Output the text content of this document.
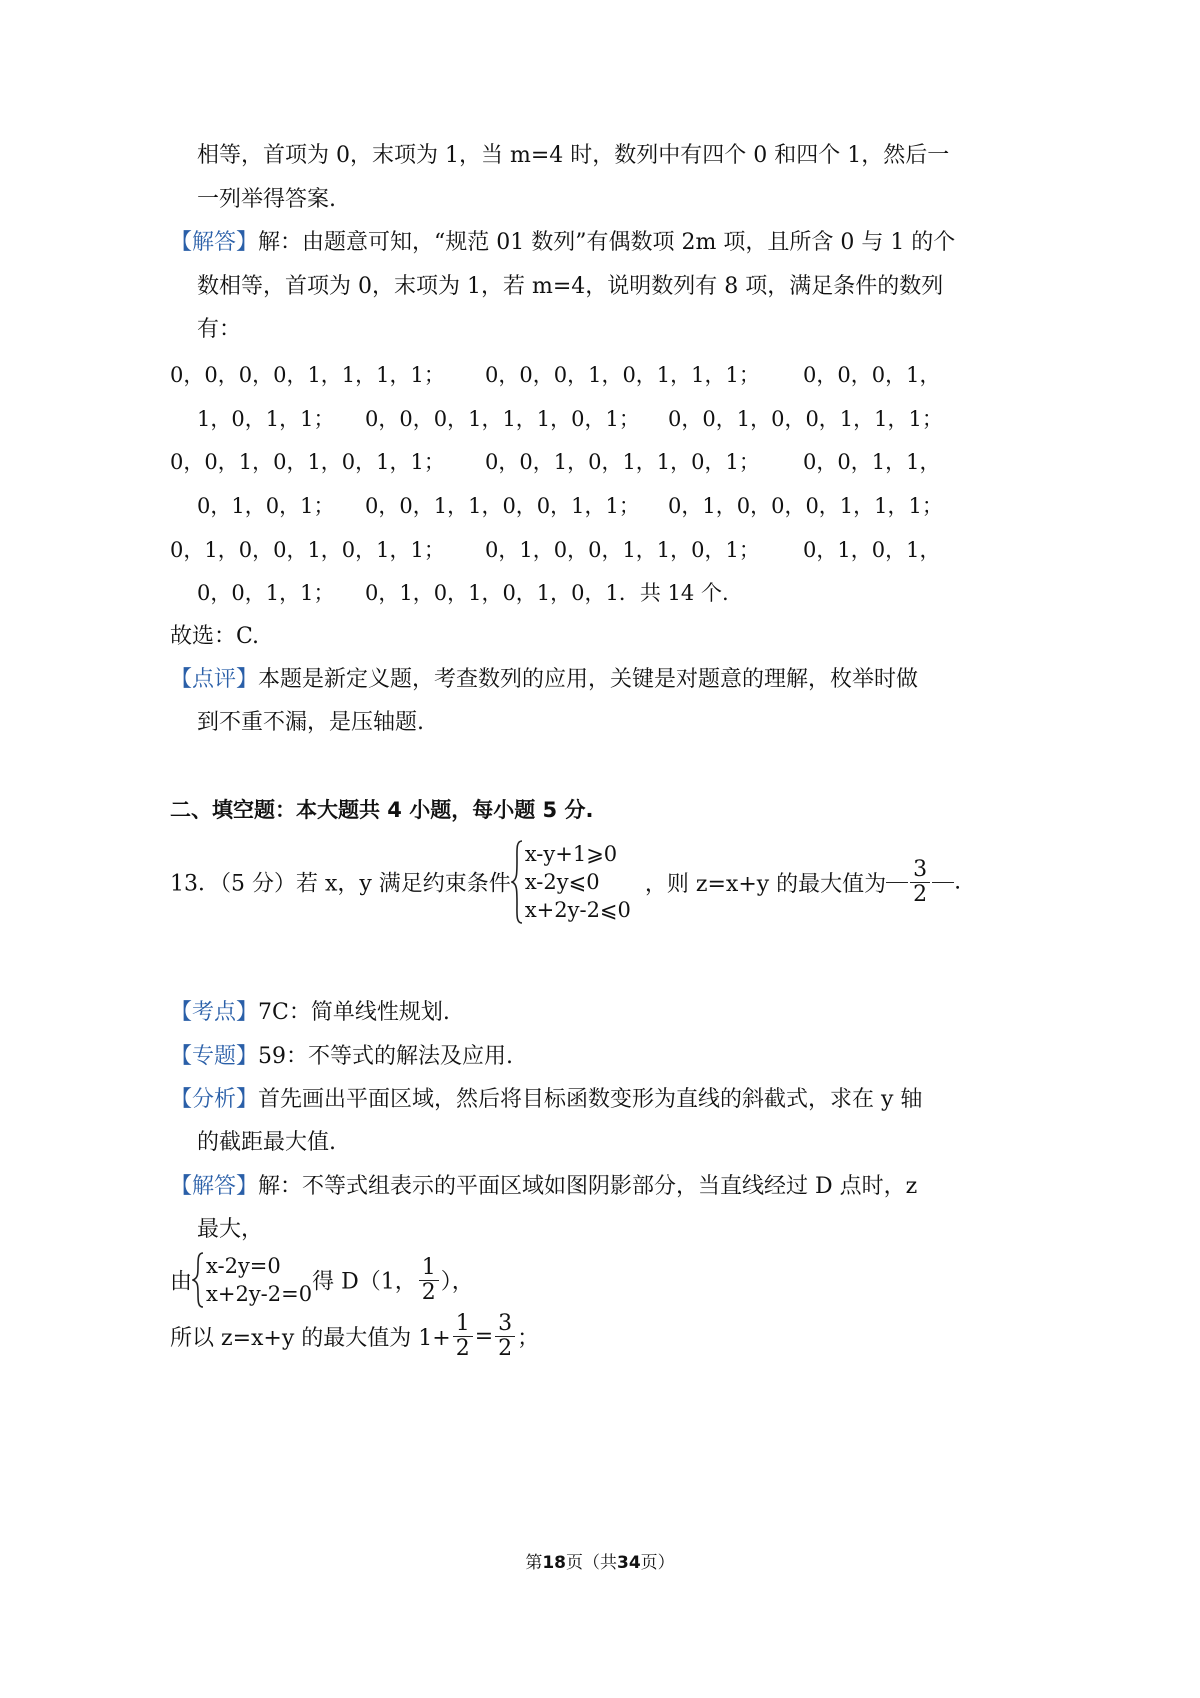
相等，首项为 0，末项为 1，当 m=4 时，数列中有四个 0 和四个 1，然后一
一列举得答案.
【解答】解：由题意可知，“规范 01 数列”有偶数项 2m 项，且所含 0 与 1 的个
数相等，首项为 0，末项为 1，若 m=4，说明数列有 8 项，满足条件的数列
有：
0，0，0，0，1，1，1，1； 0，0，0，1，0，1，1，1； 0，0，0，1，
1，0，1，1； 0，0，0，1，1，1，0，1； 0，0，1，0，0，1，1，1；
0，0，1，0，1，0，1，1； 0，0，1，0，1，1，0，1； 0，0，1，1，
0，1，0，1； 0，0，1，1，0，0，1，1； 0，1，0，0，0，1，1，1；
0，1，0，0，1，0，1，1； 0，1，0，0，1，1，0，1； 0，1，0，1，
0，0，1，1； 0，1，0，1，0，1，0，1．共 14 个.
故选：C.
【点评】本题是新定义题，考查数列的应用，关键是对题意的理解，枚举时做
到不重不漏，是压轴题.
二、填空题：本大题共 4 小题，每小题 5 分.
13．（5 分）若 x，y 满足约束条件
x-y+1⩾0
x-2y⩽0
x+2y-2⩽0
，则 z=x+y 的最大值为 $\frac{3}{2}$ .
【考点】7C：简单线性规划.
【专题】59：不等式的解法及应用.
【分析】首先画出平面区域，然后将目标函数变形为直线的斜截式，求在 y 轴
的截距最大值.
【解答】解：不等式组表示的平面区域如图阴影部分，当直线经过 D 点时，z
最大，
由
x-2y=0
x+2y-2=0 得 D（1， $\frac{1}{2}$ ），
所以 z=x+y 的最大值为 $1+ \frac{1}{2} = \frac{3}{2}$ ；
第18页（共34页）
